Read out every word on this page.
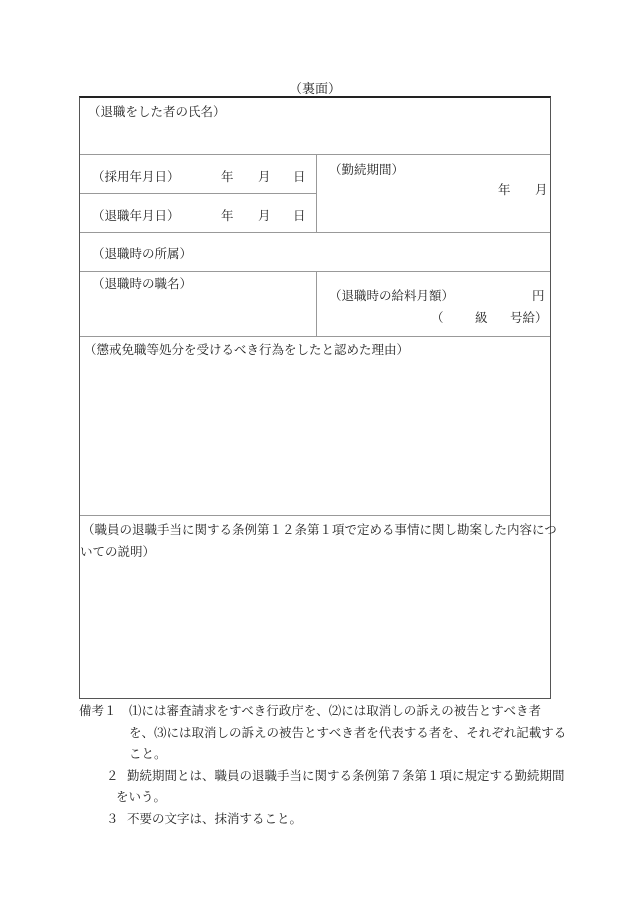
（裏面）
（退職をした者の氏名）
（採用年月日）	年 月 日
（退職年月日）	年 月 日
（勤続期間）
年 月
（退職時の所属）
（退職時の職名）
（退職時の給料月額）	円
（	級 号給）
（懲戒免職等処分を受けるべき行為をしたと認めた理由）
（職員の退職手当に関する条例第１２条第１項で定める事情に関し勘案した内容につ
いての説明）
備考１ ⑴には審査請求をすべき行政庁を、⑵には取消しの訴えの被告とすべき者
を、⑶には取消しの訴えの被告とすべき者を代表する者を、それぞれ記載する
こと。
２ 勤続期間とは、職員の退職手当に関する条例第７条第１項に規定する勤続期間
をいう。
３ 不要の文字は、抹消すること。
